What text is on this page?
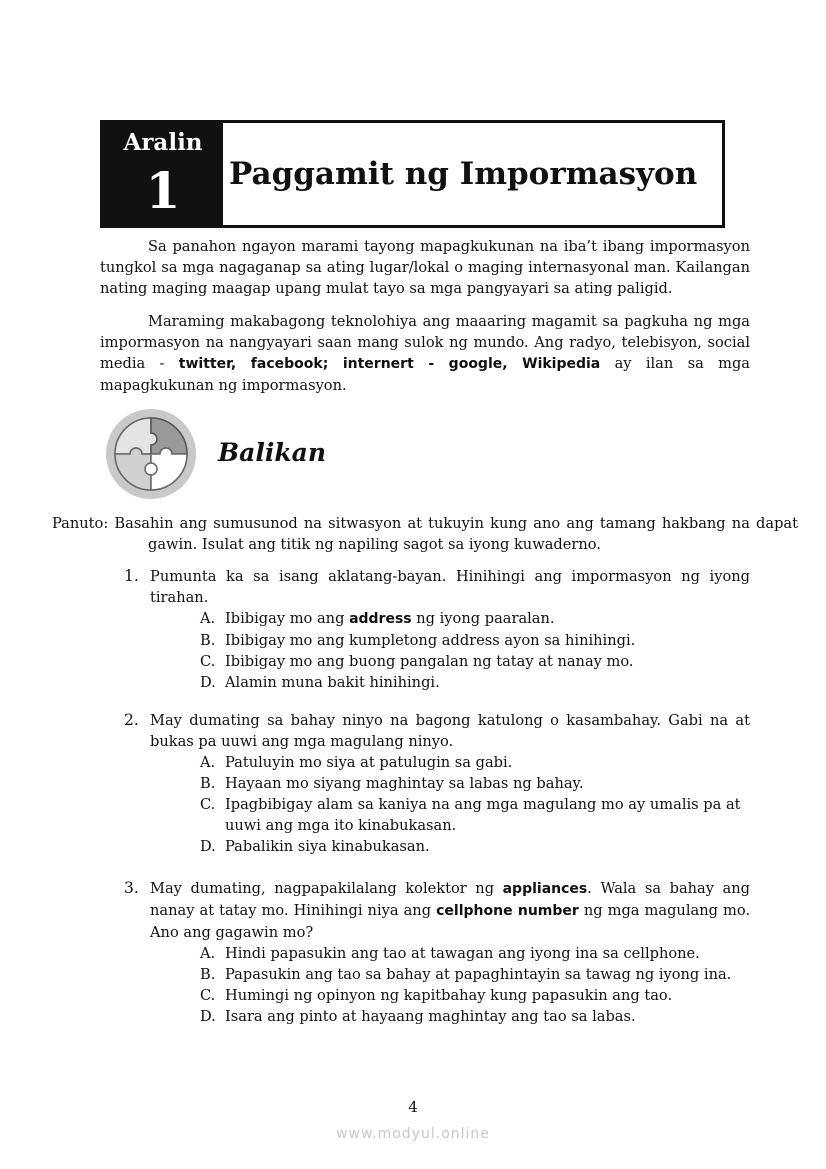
Aralin
1	Paggamit ng Impormasyon

Sa panahon ngayon marami tayong mapagkukunan na iba’t ibang impormasyon tungkol sa mga nagaganap sa ating lugar/lokal o maging internasyonal man. Kailangan nating maging maagap upang mulat tayo sa mga pangyayari sa ating paligid.

Maraming makabagong teknolohiya ang maaaring magamit sa pagkuha ng mga impormasyon na nangyayari saan mang sulok ng mundo. Ang radyo, telebisyon, social media - twitter, facebook; internert - google, Wikipedia ay ilan sa mga mapagkukunan ng impormasyon.

Balikan

Panuto: Basahin ang sumusunod na sitwasyon at tukuyin kung ano ang tamang hakbang na dapat gawin. Isulat ang titik ng napiling sagot sa iyong kuwaderno.

1. Pumunta ka sa isang aklatang-bayan. Hinihingi ang impormasyon ng iyong tirahan.
A. Ibibigay mo ang address ng iyong paaralan.
B. Ibibigay mo ang kumpletong address ayon sa hinihingi.
C. Ibibigay mo ang buong pangalan ng tatay at nanay mo.
D. Alamin muna bakit hinihingi.
2. May dumating sa bahay ninyo na bagong katulong o kasambahay. Gabi na at bukas pa uuwi ang mga magulang ninyo.
A. Patuluyin mo siya at patulugin sa gabi.
B. Hayaan mo siyang maghintay sa labas ng bahay.
C. Ipagbibigay alam sa kaniya na ang mga magulang mo ay umalis pa at uuwi ang mga ito kinabukasan.
D. Pabalikin siya kinabukasan.
3. May dumating, nagpapakilalang kolektor ng appliances. Wala sa bahay ang nanay at tatay mo. Hinihingi niya ang cellphone number ng mga magulang mo. Ano ang gagawin mo?
A. Hindi papasukin ang tao at tawagan ang iyong ina sa cellphone.
B. Papasukin ang tao sa bahay at papaghintayin sa tawag ng iyong ina.
C. Humingi ng opinyon ng kapitbahay kung papasukin ang tao.
D. Isara ang pinto at hayaang maghintay ang tao sa labas.
4
www.modyul.online
